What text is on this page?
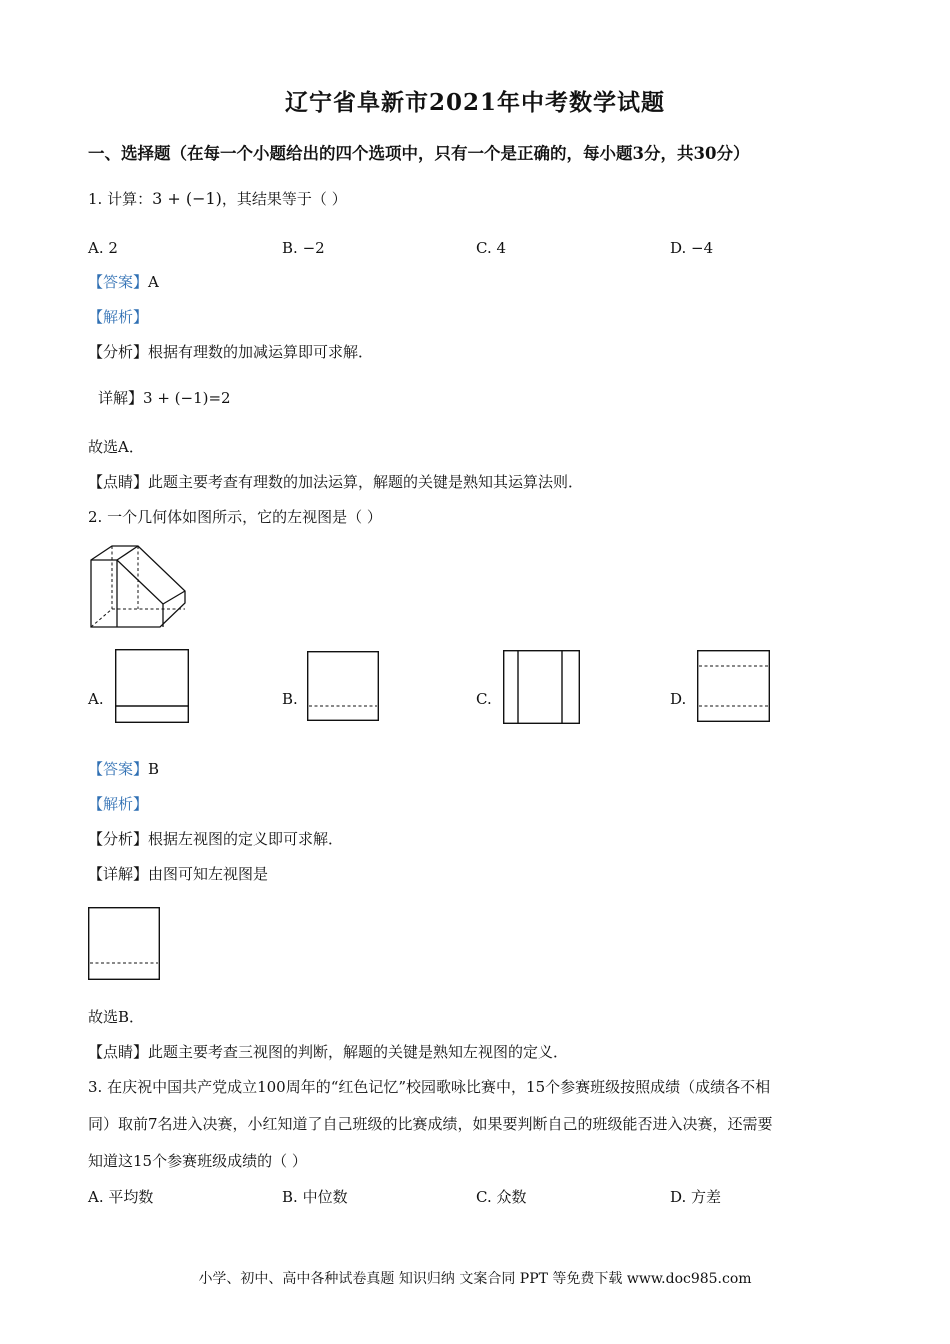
辽宁省阜新市2021年中考数学试题
一、选择题（在每一个小题给出的四个选项中，只有一个是正确的，每小题3分，共30分）
1. 计算：3 + (−1)，其结果等于（ ）
A. 2	B. −2	C. 4	D. −4
【答案】A
【解析】
【分析】根据有理数的加减运算即可求解．
详解】3 + (−1)=2
故选A．
【点睛】此题主要考查有理数的加法运算，解题的关键是熟知其运算法则．
2. 一个几何体如图所示，它的左视图是（ ）
A.	B.	C.	D.
【答案】B
【解析】
【分析】根据左视图的定义即可求解．
【详解】由图可知左视图是
故选B．
【点睛】此题主要考查三视图的判断，解题的关键是熟知左视图的定义．
3. 在庆祝中国共产党成立100周年的“红色记忆”校园歌咏比赛中，15个参赛班级按照成绩（成绩各不相
同）取前7名进入决赛，小红知道了自己班级的比赛成绩，如果要判断自己的班级能否进入决赛，还需要
知道这15个参赛班级成绩的（ ）
A. 平均数	B. 中位数	C. 众数	D. 方差
小学、初中、高中各种试卷真题 知识归纳 文案合同 PPT 等免费下载 www.doc985.com
